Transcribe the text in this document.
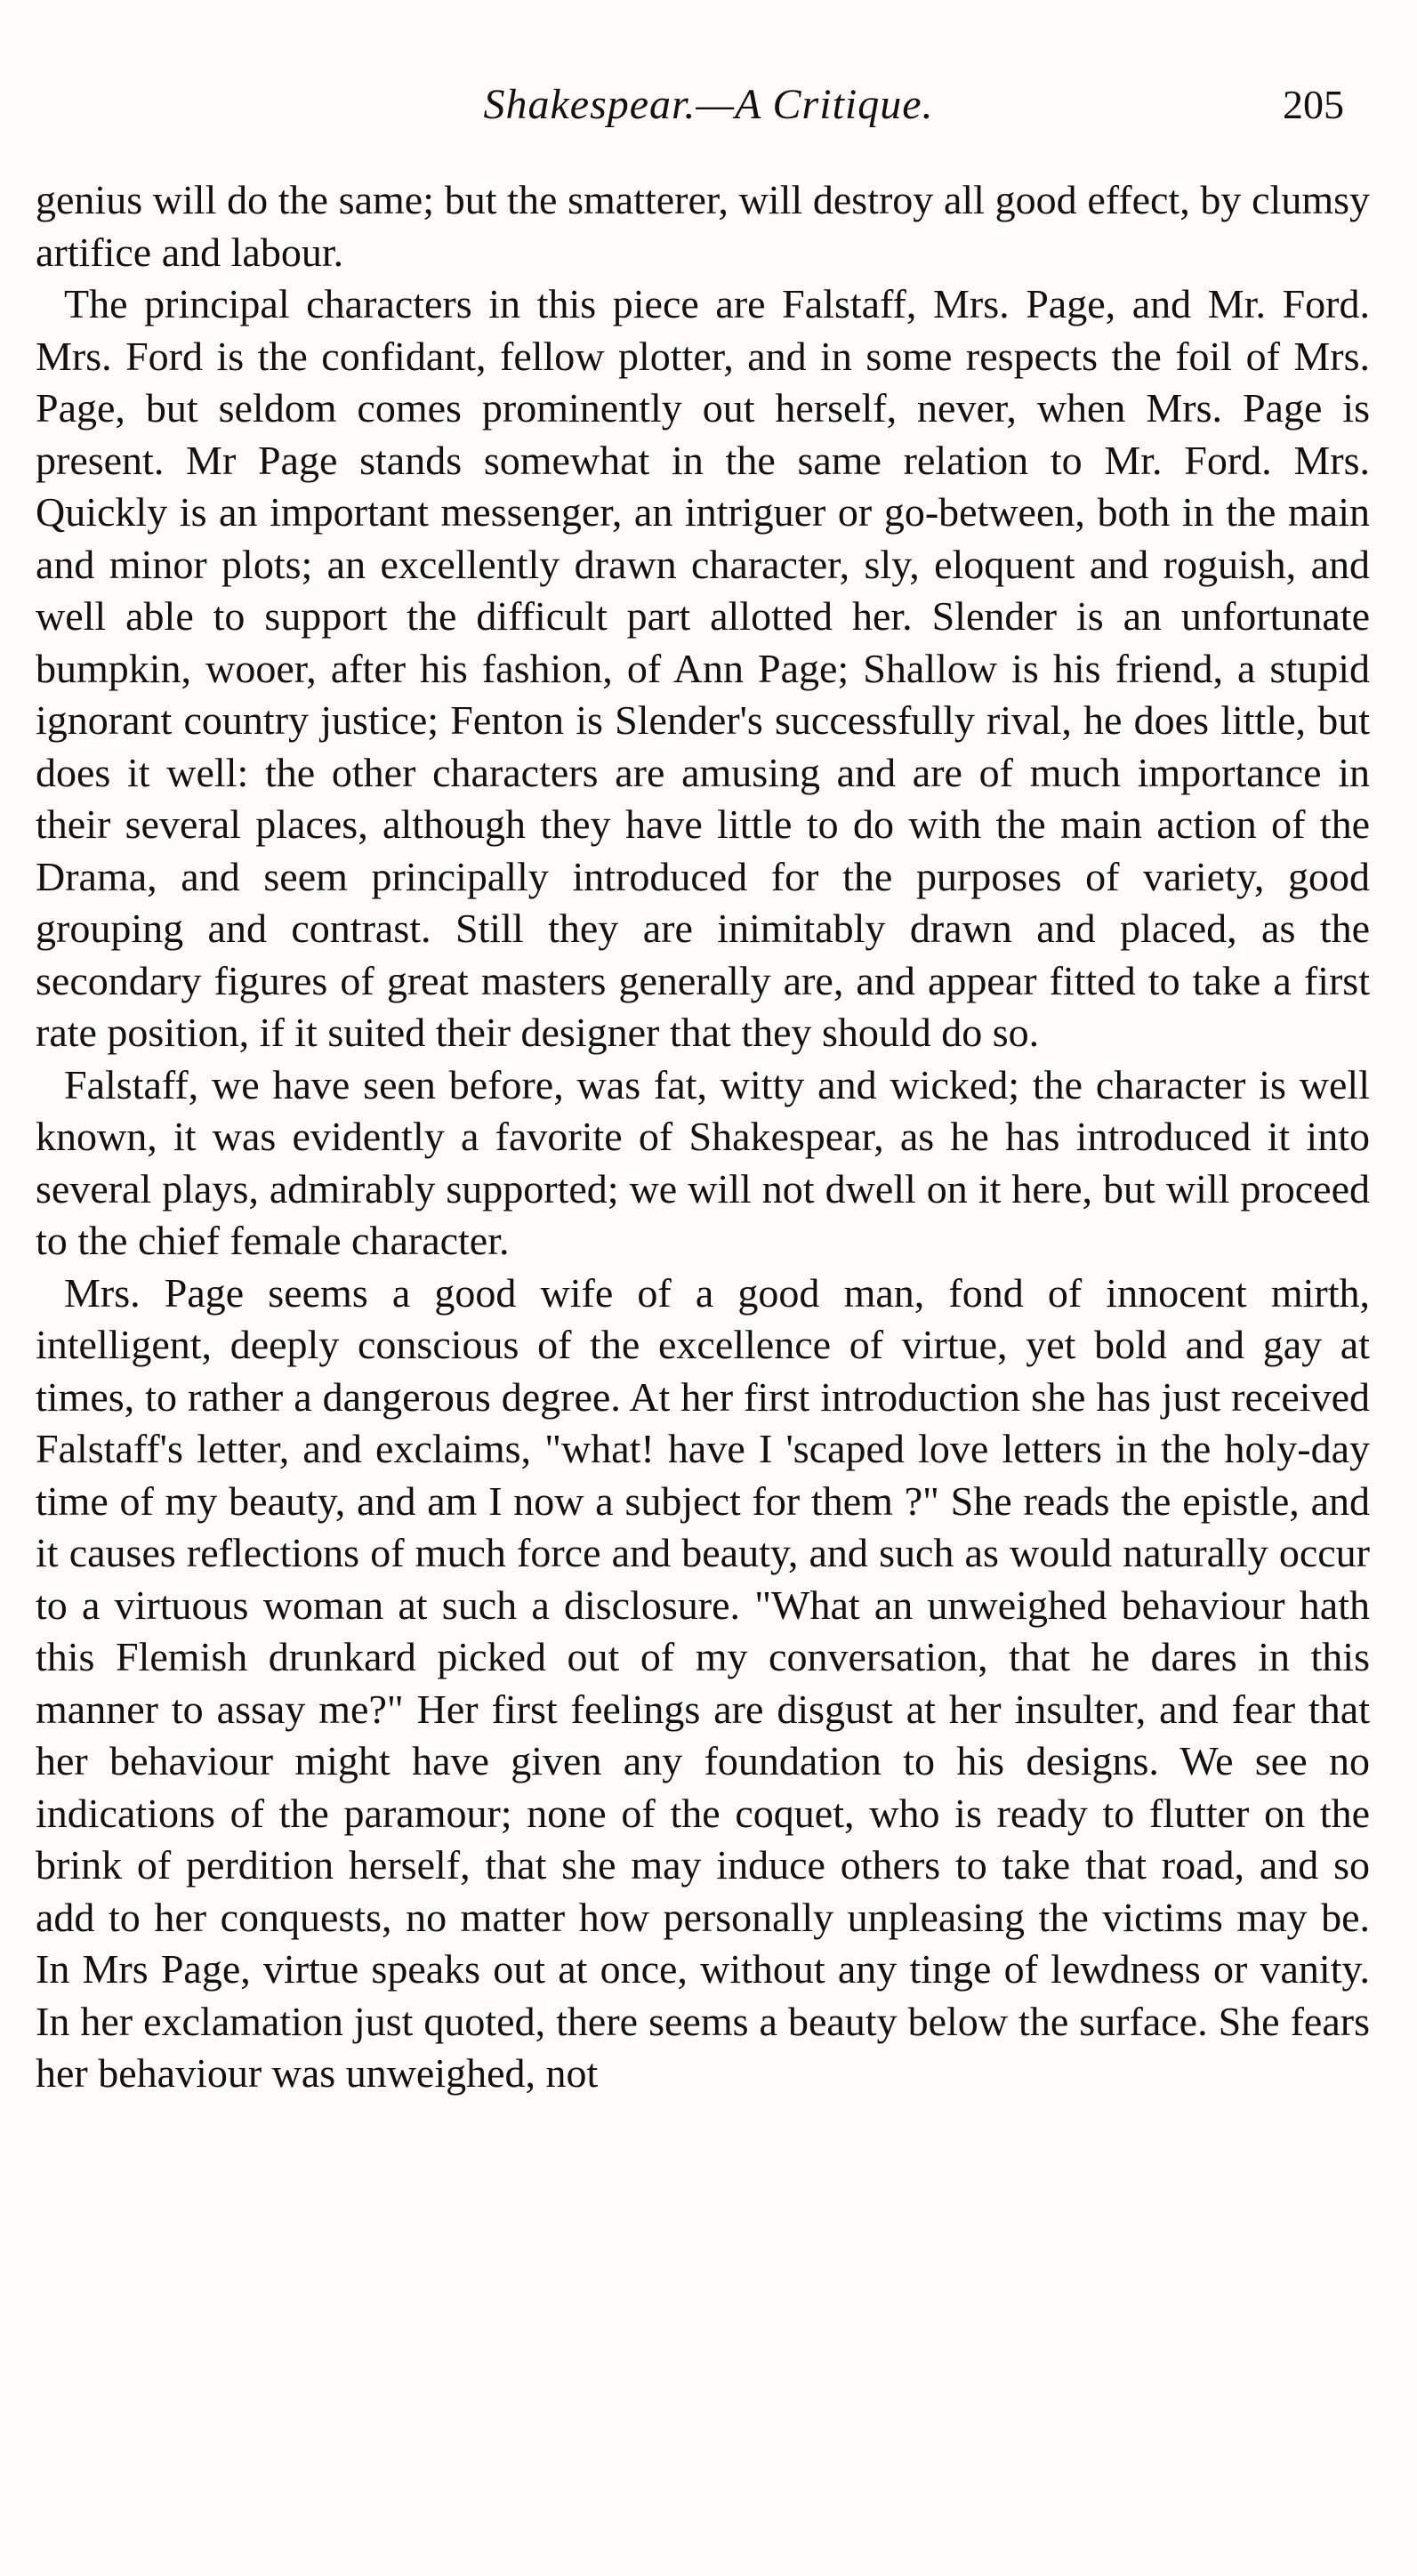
Shakespear.—A Critique.	205

genius will do the same; but the smatterer, will destroy all good effect, by clumsy artifice and labour.

The principal characters in this piece are Falstaff, Mrs. Page, and Mr. Ford. Mrs. Ford is the confidant, fellow plotter, and in some respects the foil of Mrs. Page, but seldom comes prominently out herself, never, when Mrs. Page is present. Mr Page stands somewhat in the same relation to Mr. Ford. Mrs. Quickly is an important messenger, an intriguer or go-between, both in the main and minor plots; an excellently drawn character, sly, eloquent and roguish, and well able to support the difficult part allotted her. Slender is an unfortunate bumpkin, wooer, after his fashion, of Ann Page; Shallow is his friend, a stupid ignorant country justice; Fenton is Slender's successfully rival, he does little, but does it well: the other characters are amusing and are of much importance in their several places, although they have little to do with the main action of the Drama, and seem principally introduced for the purposes of variety, good grouping and contrast. Still they are inimitably drawn and placed, as the secondary figures of great masters generally are, and appear fitted to take a first rate position, if it suited their designer that they should do so.

Falstaff, we have seen before, was fat, witty and wicked; the character is well known, it was evidently a favorite of Shakespear, as he has introduced it into several plays, admirably supported; we will not dwell on it here, but will proceed to the chief female character.

Mrs. Page seems a good wife of a good man, fond of innocent mirth, intelligent, deeply conscious of the excellence of virtue, yet bold and gay at times, to rather a dangerous degree. At her first introduction she has just received Falstaff's letter, and exclaims, "what! have I 'scaped love letters in the holy-day time of my beauty, and am I now a subject for them ?" She reads the epistle, and it causes reflections of much force and beauty, and such as would naturally occur to a virtuous woman at such a disclosure. "What an unweighed behaviour hath this Flemish drunkard picked out of my conversation, that he dares in this manner to assay me?" Her first feelings are disgust at her insulter, and fear that her behaviour might have given any foundation to his designs. We see no indications of the paramour; none of the coquet, who is ready to flutter on the brink of perdition herself, that she may induce others to take that road, and so add to her conquests, no matter how personally unpleasing the victims may be. In Mrs Page, virtue speaks out at once, without any tinge of lewdness or vanity. In her exclamation just quoted, there seems a beauty below the surface. She fears her behaviour was unweighed, not
